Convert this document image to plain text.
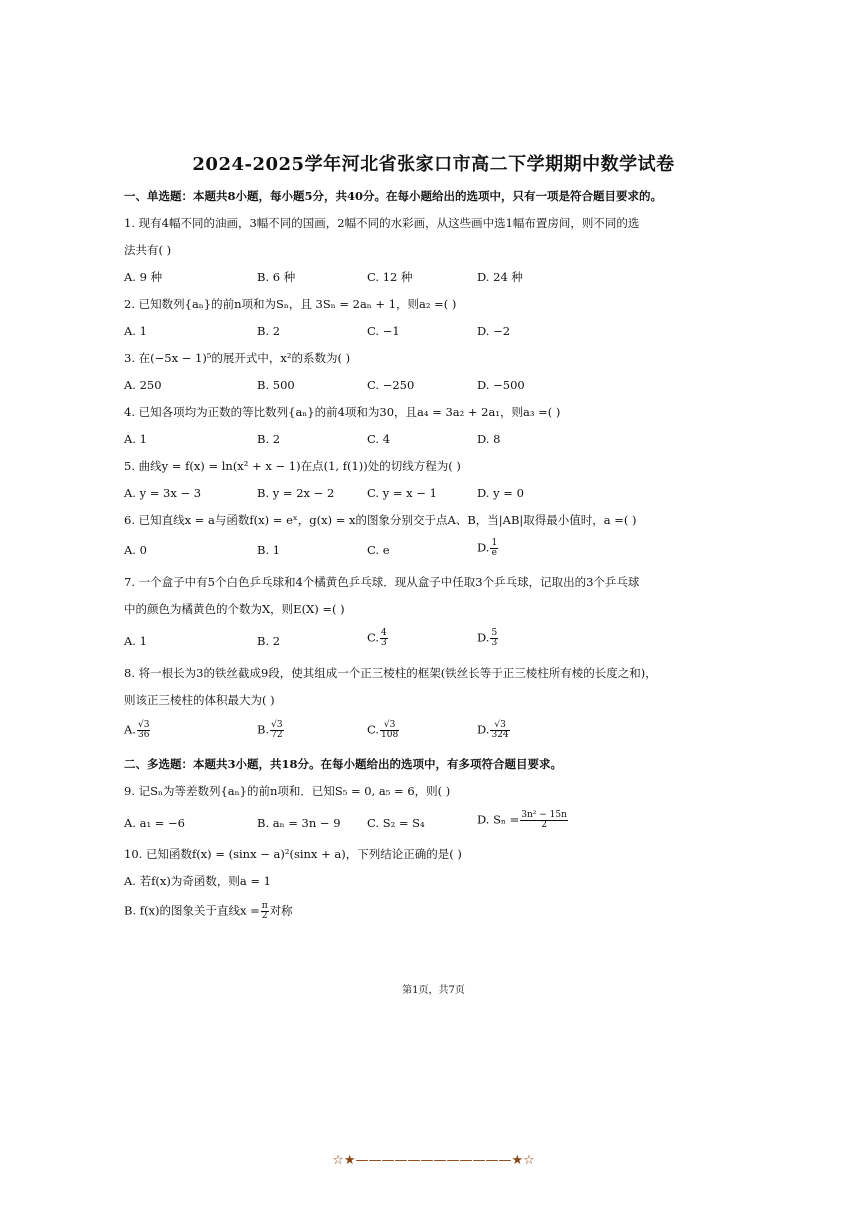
2024-2025学年河北省张家口市高二下学期期中数学试卷
一、单选题：本题共8小题，每小题5分，共40分。在每小题给出的选项中，只有一项是符合题目要求的。
1. 现有4幅不同的油画，3幅不同的国画，2幅不同的水彩画，从这些画中选1幅布置房间，则不同的选
法共有( )
A. 9 种	B. 6 种	C. 12 种	D. 24 种
2. 已知数列{aₙ}的前n项和为Sₙ，且 3Sₙ = 2aₙ + 1，则a₂ =( )
A. 1	B. 2	C. −1	D. −2
3. 在(−5x − 1)⁵的展开式中，x²的系数为( )
A. 250	B. 500	C. −250	D. −500
4. 已知各项均为正数的等比数列{aₙ}的前4项和为30，且a₄ = 3a₂ + 2a₁，则a₃ =( )
A. 1	B. 2	C. 4	D. 8
5. 曲线y = f(x) = ln(x² + x − 1)在点(1, f(1))处的切线方程为( )
A. y = 3x − 3	B. y = 2x − 2	C. y = x − 1	D. y = 0
6. 已知直线x = a与函数f(x) = eˣ，g(x) = x的图象分别交于点A、B，当|AB|取得最小值时，a =( )
A. 0	B. 1	C. e	D. $\frac{1}{e}$
7. 一个盒子中有5个白色乒乓球和4个橘黄色乒乓球．现从盒子中任取3个乒乓球，记取出的3个乒乓球
中的颜色为橘黄色的个数为X，则E(X) =( )
A. 1	B. 2	C. $\frac{4}{3}$	D. $\frac{5}{3}$
8. 将一根长为3的铁丝截成9段，使其组成一个正三棱柱的框架(铁丝长等于正三棱柱所有棱的长度之和)，
则该正三棱柱的体积最大为( )
A. $\frac{√3}{36}$	B. $\frac{√3}{72}$	C. $\frac{√3}{108}$	D. $\frac{√3}{324}$
二、多选题：本题共3小题，共18分。在每小题给出的选项中，有多项符合题目要求。
9. 记Sₙ为等差数列{aₙ}的前n项和．已知S₅ = 0, a₅ = 6，则( )
A. a₁ = −6	B. aₙ = 3n − 9 C. S₂ = S₄	D. $S_n = \frac{\text{3n² − 15n}}{2}$
10. 已知函数f(x) = (sinx − a)²(sinx + a)，下列结论正确的是( )
A. 若f(x)为奇函数，则a = 1
B. f(x)的图象关于直线$x = \frac{\pi}{2}$ 对称
第1页，共7页
☆★————————————★☆
